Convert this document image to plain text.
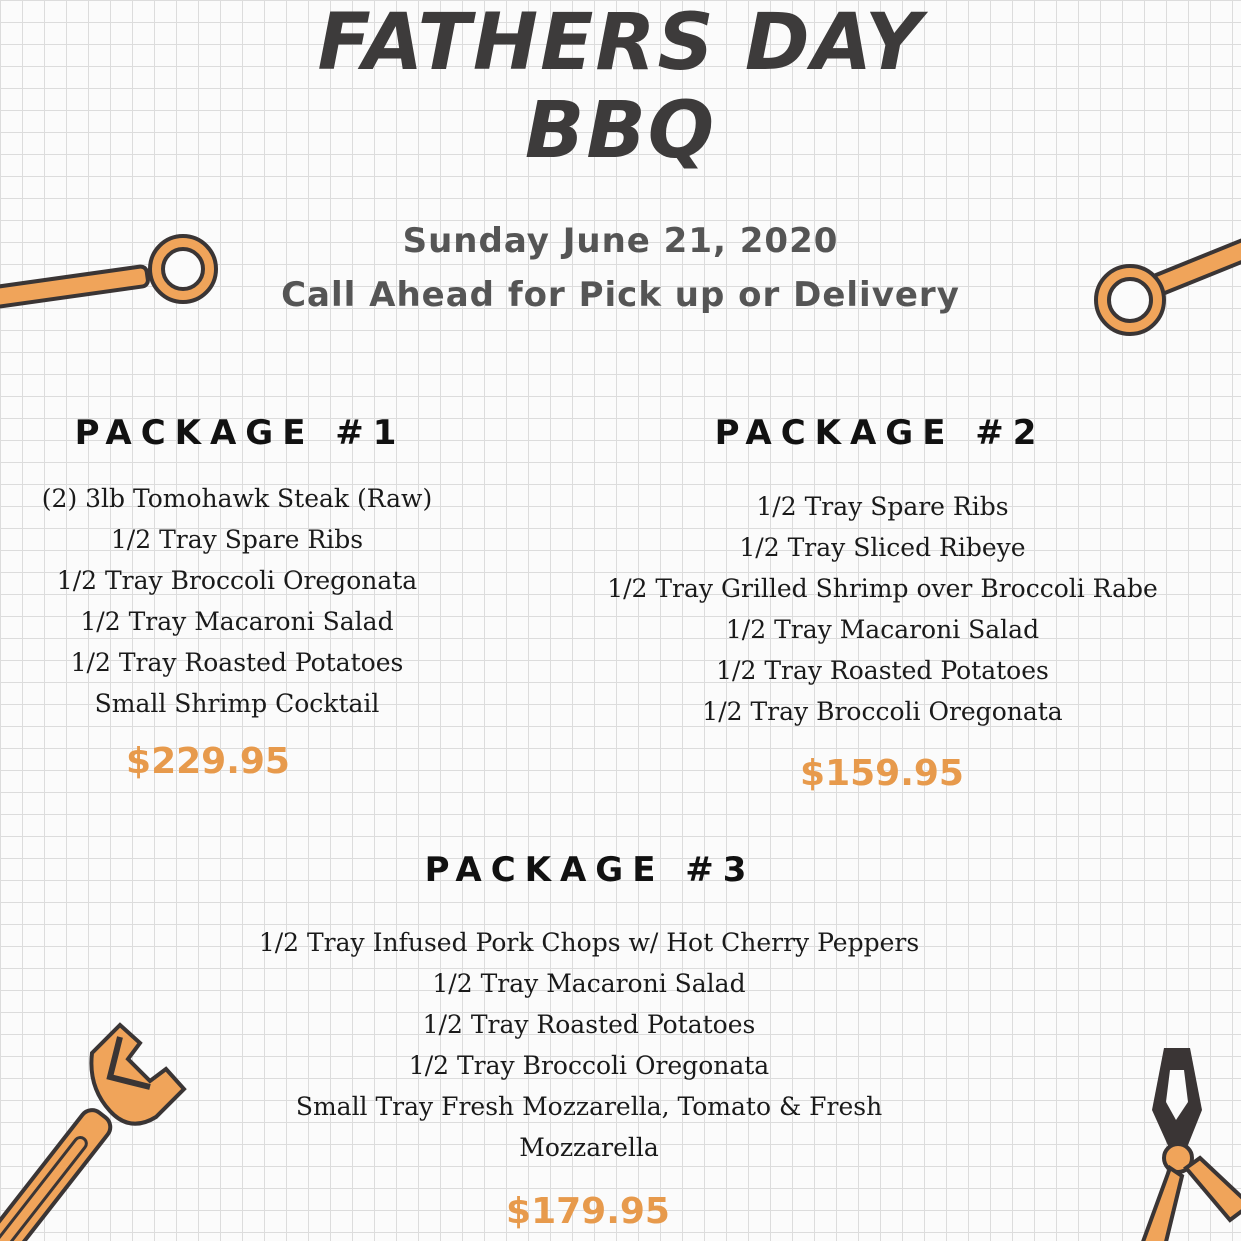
FATHERS DAY
BBQ
Sunday June 21, 2020
Call Ahead for Pick up or Delivery
PACKAGE #1
(2) 3lb Tomohawk Steak (Raw)
1/2 Tray Spare Ribs
1/2 Tray Broccoli Oregonata
1/2 Tray Macaroni Salad
1/2 Tray Roasted Potatoes
Small Shrimp Cocktail
$229.95
PACKAGE #2
1/2 Tray Spare Ribs
1/2 Tray Sliced Ribeye
1/2 Tray Grilled Shrimp over Broccoli Rabe
1/2 Tray Macaroni Salad
1/2 Tray Roasted Potatoes
1/2 Tray Broccoli Oregonata
$159.95
PACKAGE #3
1/2 Tray Infused Pork Chops w/ Hot Cherry Peppers
1/2 Tray Macaroni Salad
1/2 Tray Roasted Potatoes
1/2 Tray Broccoli Oregonata
Small Tray Fresh Mozzarella, Tomato & Fresh
Mozzarella
$179.95
